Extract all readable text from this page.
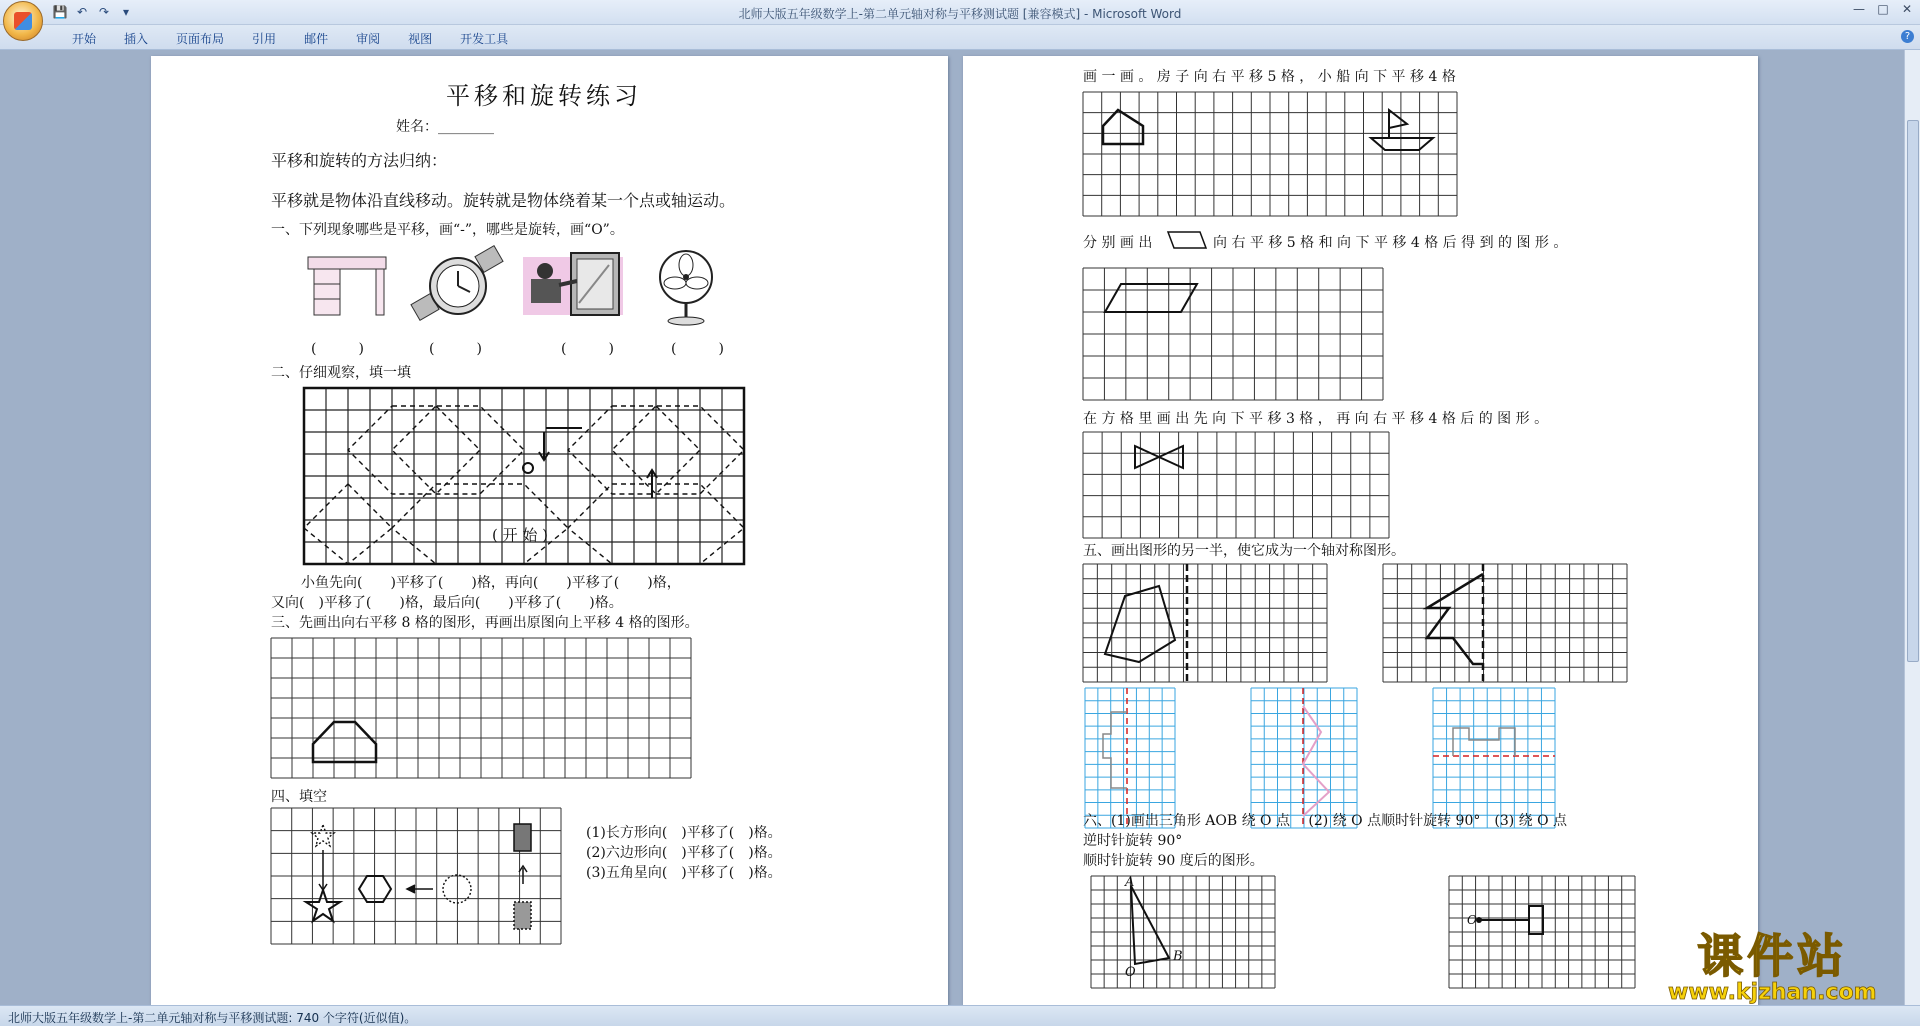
💾 ↶ ↷	▾	北师大版五年级数学上-第二单元轴对称与平移测试题 [兼容模式] - Microsoft Word	— □ ✕
开始	插入	页面布局	引用	邮件	审阅	视图	开发工具	?
平移和旋转练习
姓名：________
平移和旋转的方法归纳：
平移就是物体沿直线移动。旋转就是物体绕着某一个点或轴运动。
一、下列现象哪些是平移，画“-”，哪些是旋转，画“O”。
(　　　)	(　　　)	(　　　)	(　　　)
二、仔细观察，填一填
( 开 始 )
小鱼先向(　　)平移了(　　)格，再向(　　)平移了(　　)格，
又向(　)平移了(　　)格，最后向(　　)平移了(　　)格。
三、先画出向右平移 8 格的图形，再画出原图向上平移 4 格的图形。
四、填空
(1)长方形向(　)平移了(　)格。
(2)六边形向(　)平移了(　)格。
(3)五角星向(　)平移了(　)格。
画 一 画 。 房 子 向 右 平 移 5 格 ， 小 船 向 下 平 移 4 格
分 别 画 出	向 右 平 移 5 格 和 向 下 平 移 4 格 后 得 到 的 图 形 。
在 方 格 里 画 出 先 向 下 平 移 3 格 ， 再 向 右 平 移 4 格 后 的 图 形 。
五、画出图形的另一半，使它成为一个轴对称图形。
六、(1)画出三角形 AOB 绕 O 点　 (2) 绕 O 点顺时针旋转 90°　(3) 绕 O 点
逆时针旋转 90°
顺时针旋转 90 度后的图形。
A
B
O
O
北师大版五年级数学上-第二单元轴对称与平移测试题: 740 个字符(近似值)。
课件站
www.kjzhan.com
